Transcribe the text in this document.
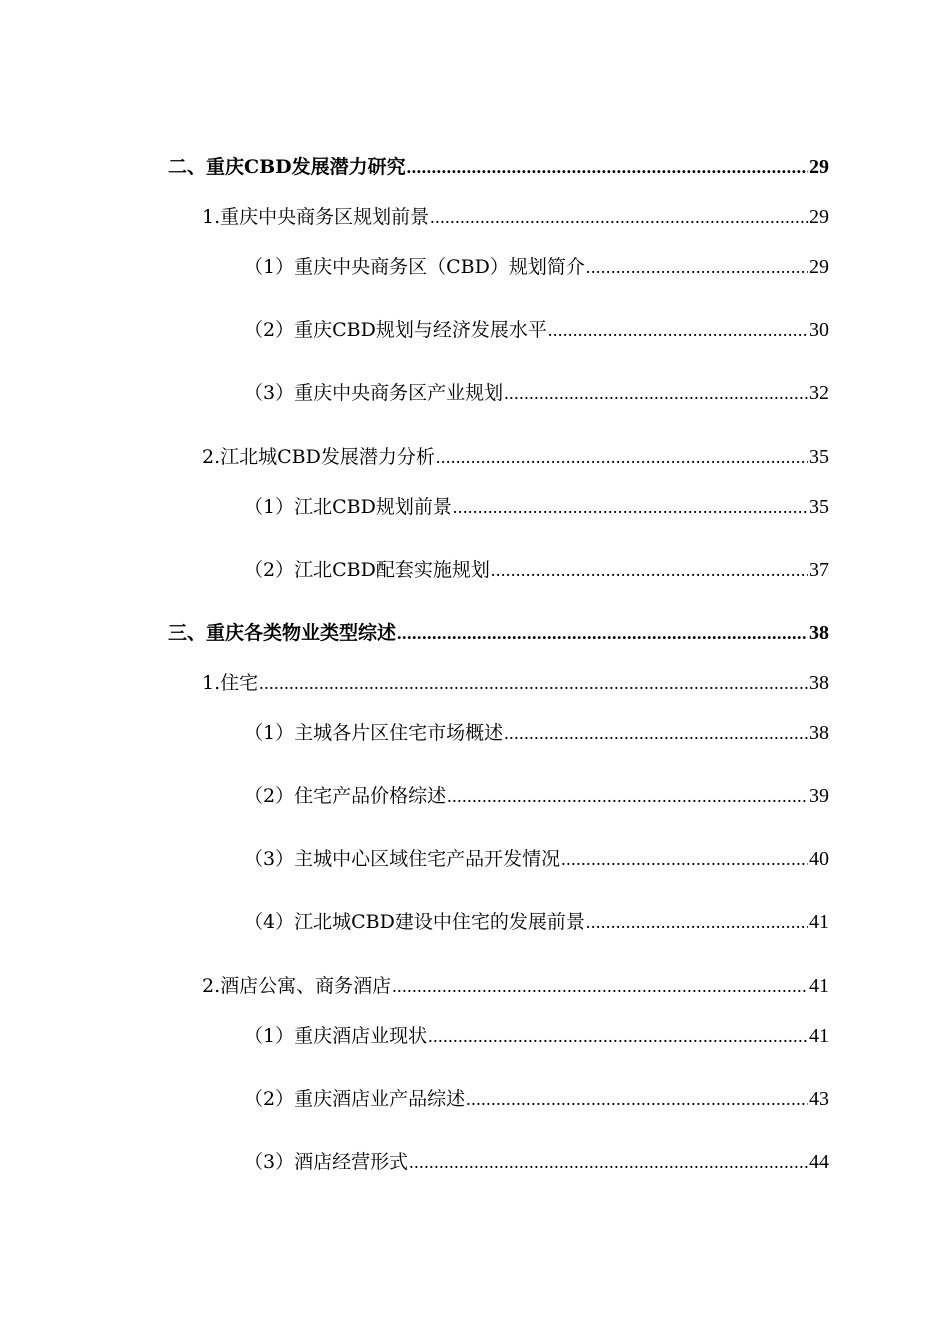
二、重庆CBD发展潜力研究 .....	29
1.重庆中央商务区规划前景 .....	29
（1）重庆中央商务区（CBD）规划简介 .....	29
（2）重庆CBD规划与经济发展水平 .....	30
（3）重庆中央商务区产业规划 .....	32
2.江北城CBD发展潜力分析 .....	35
（1）江北CBD规划前景 .....	35
（2）江北CBD配套实施规划 .....	37
三、重庆各类物业类型综述 .....	38
1.住宅 .....	38
（1）主城各片区住宅市场概述 .....	38
（2）住宅产品价格综述 .....	39
（3）主城中心区域住宅产品开发情况 .....	40
（4）江北城CBD建设中住宅的发展前景 .....	41
2.酒店公寓、商务酒店 .....	41
（1）重庆酒店业现状 .....	41
（2）重庆酒店业产品综述 .....	43
（3）酒店经营形式 .....	44
